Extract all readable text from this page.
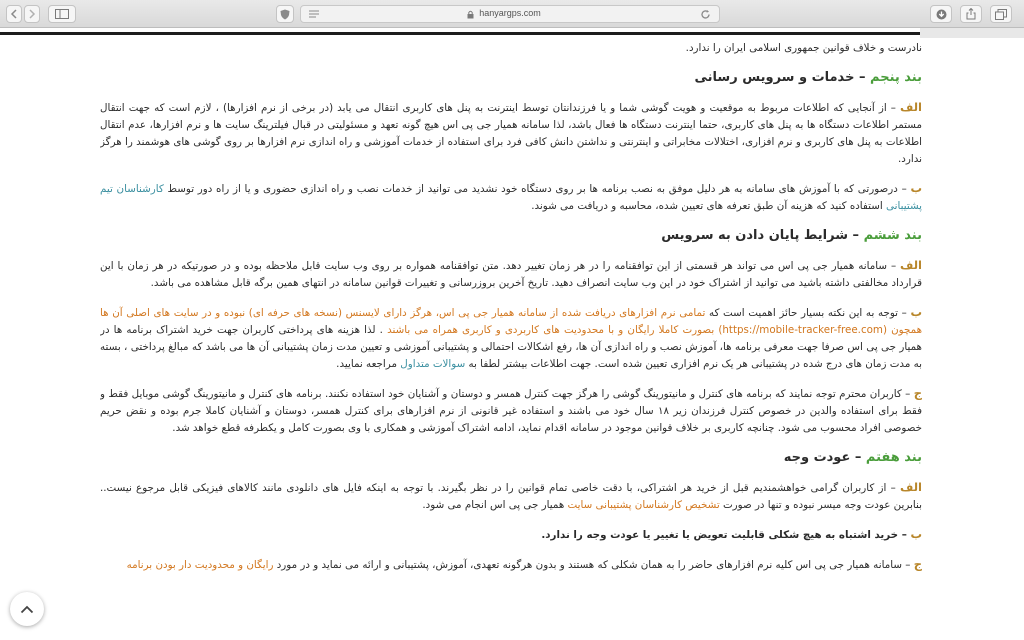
hanyargps.com

نادرست و خلاف قوانین جمهوری اسلامی ایران را ندارد.

بند پنجم – خدمات و سرویس رسانی

الف – از آنجایی که اطلاعات مربوط به موقعیت و هویت گوشی شما و یا فرزندانتان توسط اینترنت به پنل های کاربری انتقال می یابد (در برخی از نرم افزارها) ، لازم است که جهت انتقال مستمر اطلاعات دستگاه ها به پنل های کاربری، حتما اینترنت دستگاه ها فعال باشد، لذا سامانه همیار جی پی اس هیچ گونه تعهد و مسئولیتی در قبال فیلترینگ سایت ها و نرم افزارها، عدم انتقال اطلاعات به پنل های کاربری و نرم افزاری، اختلالات مخابراتی و اینترنتی و نداشتن دانش کافی فرد برای استفاده از خدمات آموزشی و راه اندازی نرم افزارها بر روی گوشی های هوشمند را هرگز ندارد.

ب – درصورتی که با آموزش های سامانه به هر دلیل موفق به نصب برنامه ها بر روی دستگاه خود نشدید می توانید از خدمات نصب و راه اندازی حضوری و یا از راه دور توسط کارشناسان تیم پشتیبانی استفاده کنید که هزینه آن طبق تعرفه های تعیین شده، محاسبه و دریافت می شوند.

بند ششم – شرایط پایان دادن به سرویس

الف – سامانه همیار جی پی اس می تواند هر قسمتی از این توافقنامه را در هر زمان تغییر دهد. متن توافقنامه همواره بر روی وب سایت قابل ملاحظه بوده و در صورتیکه در هر زمان با این قرارداد مخالفتی داشته باشید می توانید از اشتراک خود در این وب سایت انصراف دهید. تاریخ آخرین بروزرسانی و تغییرات قوانین سامانه در انتهای همین برگه قابل مشاهده می باشد.

ب – توجه به این نکته بسیار حائز اهمیت است که تمامی نرم افزارهای دریافت شده از سامانه همیار جی پی اس، هرگز دارای لایسنس (نسخه های حرفه ای) نبوده و در سایت های اصلی آن ها همچون (https://mobile-tracker-free.com) بصورت کاملا رایگان و با محدودیت های کاربردی و کاربری همراه می باشند . لذا هزینه های پرداختی کاربران جهت خرید اشتراک برنامه ها در همیار جی پی اس صرفا جهت معرفی برنامه ها، آموزش نصب و راه اندازی آن ها، رفع اشکالات احتمالی و پشتیبانی آموزشی و تعیین مدت زمان پشتیبانی آن ها می باشد که مبالغ پرداختی ، بسته به مدت زمان های درج شده در پشتیبانی هر یک نرم افزاری تعیین شده است. جهت اطلاعات بیشتر لطفا به سوالات متداول مراجعه نمایید.

ج – کاربران محترم توجه نمایند که برنامه های کنترل و مانیتورینگ گوشی را هرگز جهت کنترل همسر و دوستان و آشنایان خود استفاده نکنند. برنامه های کنترل و مانیتورینگ گوشی موبایل فقط و فقط برای استفاده والدین در خصوص کنترل فرزندان زیر ۱۸ سال خود می باشند و استفاده غیر قانونی از نرم افزارهای برای کنترل همسر، دوستان و آشنایان کاملا جرم بوده و نقض حریم خصوصی افراد محسوب می شود. چنانچه کاربری بر خلاف قوانین موجود در سامانه اقدام نماید، ادامه اشتراک آموزشی و همکاری با وی بصورت کامل و یکطرفه قطع خواهد شد.

بند هفتم – عودت وجه

الف – از کاربران گرامی خواهشمندیم قبل از خرید هر اشتراکی، با دقت خاصی تمام قوانین را در نظر بگیرند. با توجه به اینکه فایل های دانلودی مانند کالاهای فیزیکی قابل مرجوع نیست.. بنابرین عودت وجه میسر نبوده و تنها در صورت تشخیص کارشناسان پشتیبانی سایت همیار جی پی اس انجام می شود.

ب – خرید اشتباه به هیچ شکلی قابلیت تعویض یا تغییر یا عودت وجه را ندارد.

ج – سامانه همیار جی پی اس کلیه نرم افزارهای حاضر را به همان شکلی که هستند و بدون هرگونه تعهدی، آموزش، پشتیبانی و ارائه می نماید و در مورد رایگان و محدودیت دار بودن برنامه
